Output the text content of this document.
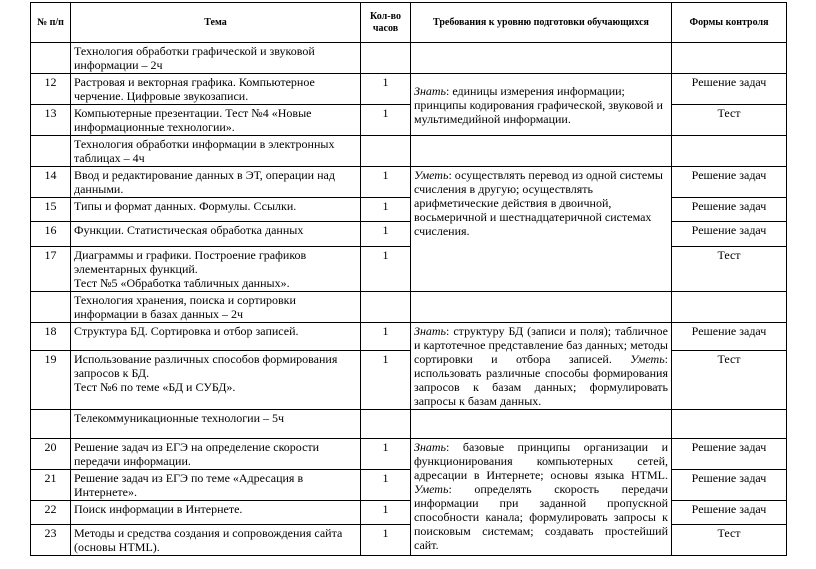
№ п/п	Тема	Кол-во часов	Требования к уровню подготовки обучающихся	Формы контроля
	Технология обработки графической и звуковой информации – 2ч			
12	Растровая и векторная графика. Компьютерное черчение. Цифровые звукозаписи.	1	Знать: единицы измерения информации; принципы кодирования графической, звуковой и мультимедийной информации.	Решение задач
13	Компьютерные презентации. Тест №4 «Новые информационные технологии».	1		Тест
	Технология обработки информации в электронных таблицах – 4ч			
14	Ввод и редактирование данных в ЭТ, операции над данными.	1	Уметь: осуществлять перевод из одной системы счисления в другую; осуществлять арифметические действия в двоичной, восьмеричной и шестнадцатеричной системах счисления.	Решение задач
15	Типы и формат данных. Формулы. Ссылки.	1		Решение задач
16	Функции. Статистическая обработка данных	1		Решение задач
17	Диаграммы и графики. Построение графиков элементарных функций.
Тест №5 «Обработка табличных данных».	1		Тест
	Технология хранения, поиска и сортировки информации в базах данных – 2ч			
18	Структура БД. Сортировка и отбор записей.	1	Знать: структуру БД (записи и поля); табличное и картотечное представление баз данных; методы сортировки и отбора записей. Уметь: использовать различные способы формирования запросов к базам данных; формулировать запросы к базам данных.	Решение задач
19	Использование различных способов формирования запросов к БД.
Тест №6 по теме «БД и СУБД».	1		Тест
	Телекоммуникационные технологии – 5ч			
20	Решение задач из ЕГЭ на определение скорости передачи информации.	1	Знать: базовые принципы организации и функционирования компьютерных сетей, адресации в Интернете; основы языка HTML. Уметь: определять скорость передачи информации при заданной пропускной способности канала; формулировать запросы к поисковым системам; создавать простейший сайт.	Решение задач
21	Решение задач из ЕГЭ по теме «Адресация в Интернете».	1		Решение задач
22	Поиск информации в Интернете.	1		Решение задач
23	Методы и средства создания и сопровождения сайта (основы HTML).	1		Тест
